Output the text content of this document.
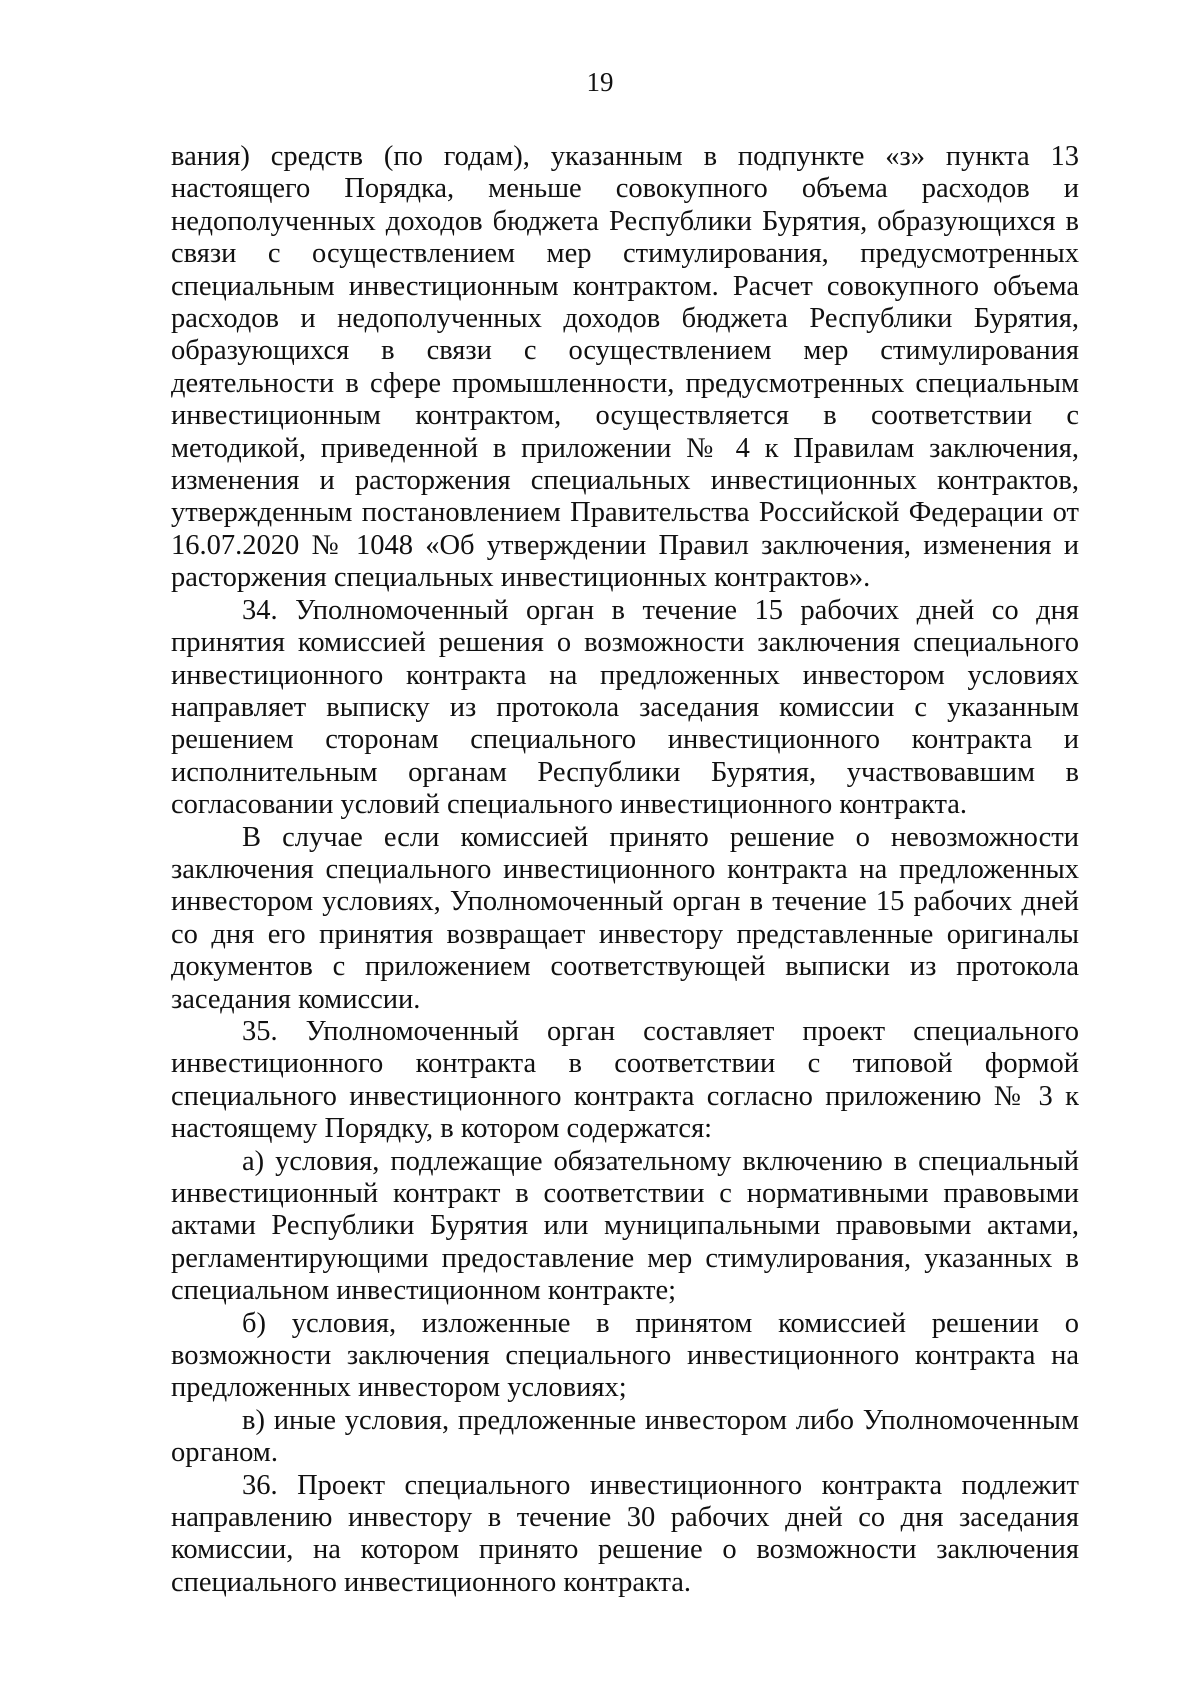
19

вания) средств (по годам), указанным в подпункте «з» пункта 13 настоящего Порядка, меньше совокупного объема расходов и недополученных доходов бюджета Республики Бурятия, образующихся в связи с осуществлением мер стимулирования, предусмотренных специальным инвестиционным контрактом. Расчет совокупного объема расходов и недополученных доходов бюджета Республики Бурятия, образующихся в связи с осуществлением мер стимулирования деятельности в сфере промышленности, предусмотренных специальным инвестиционным контрактом, осуществляется в соответствии с методикой, приведенной в приложении № 4 к Правилам заключения, изменения и расторжения специальных инвестиционных контрактов, утвержденным постановлением Правительства Российской Федерации от 16.07.2020 № 1048 «Об утверждении Правил заключения, изменения и расторжения специальных инвестиционных контрактов».

34. Уполномоченный орган в течение 15 рабочих дней со дня принятия комиссией решения о возможности заключения специального инвестиционного контракта на предложенных инвестором условиях направляет выписку из протокола заседания комиссии с указанным решением сторонам специального инвестиционного контракта и исполнительным органам Республики Бурятия, участвовавшим в согласовании условий специального инвестиционного контракта.

В случае если комиссией принято решение о невозможности заключения специального инвестиционного контракта на предложенных инвестором условиях, Уполномоченный орган в течение 15 рабочих дней со дня его принятия возвращает инвестору представленные оригиналы документов с приложением соответствующей выписки из протокола заседания комиссии.

35. Уполномоченный орган составляет проект специального инвестиционного контракта в соответствии с типовой формой специального инвестиционного контракта согласно приложению № 3 к настоящему Порядку, в котором содержатся:

а) условия, подлежащие обязательному включению в специальный инвестиционный контракт в соответствии с нормативными правовыми актами Республики Бурятия или муниципальными правовыми актами, регламентирующими предоставление мер стимулирования, указанных в специальном инвестиционном контракте;

б) условия, изложенные в принятом комиссией решении о возможности заключения специального инвестиционного контракта на предложенных инвестором условиях;

в) иные условия, предложенные инвестором либо Уполномоченным органом.

36. Проект специального инвестиционного контракта подлежит направлению инвестору в течение 30 рабочих дней со дня заседания комиссии, на котором принято решение о возможности заключения специального инвестиционного контракта.
